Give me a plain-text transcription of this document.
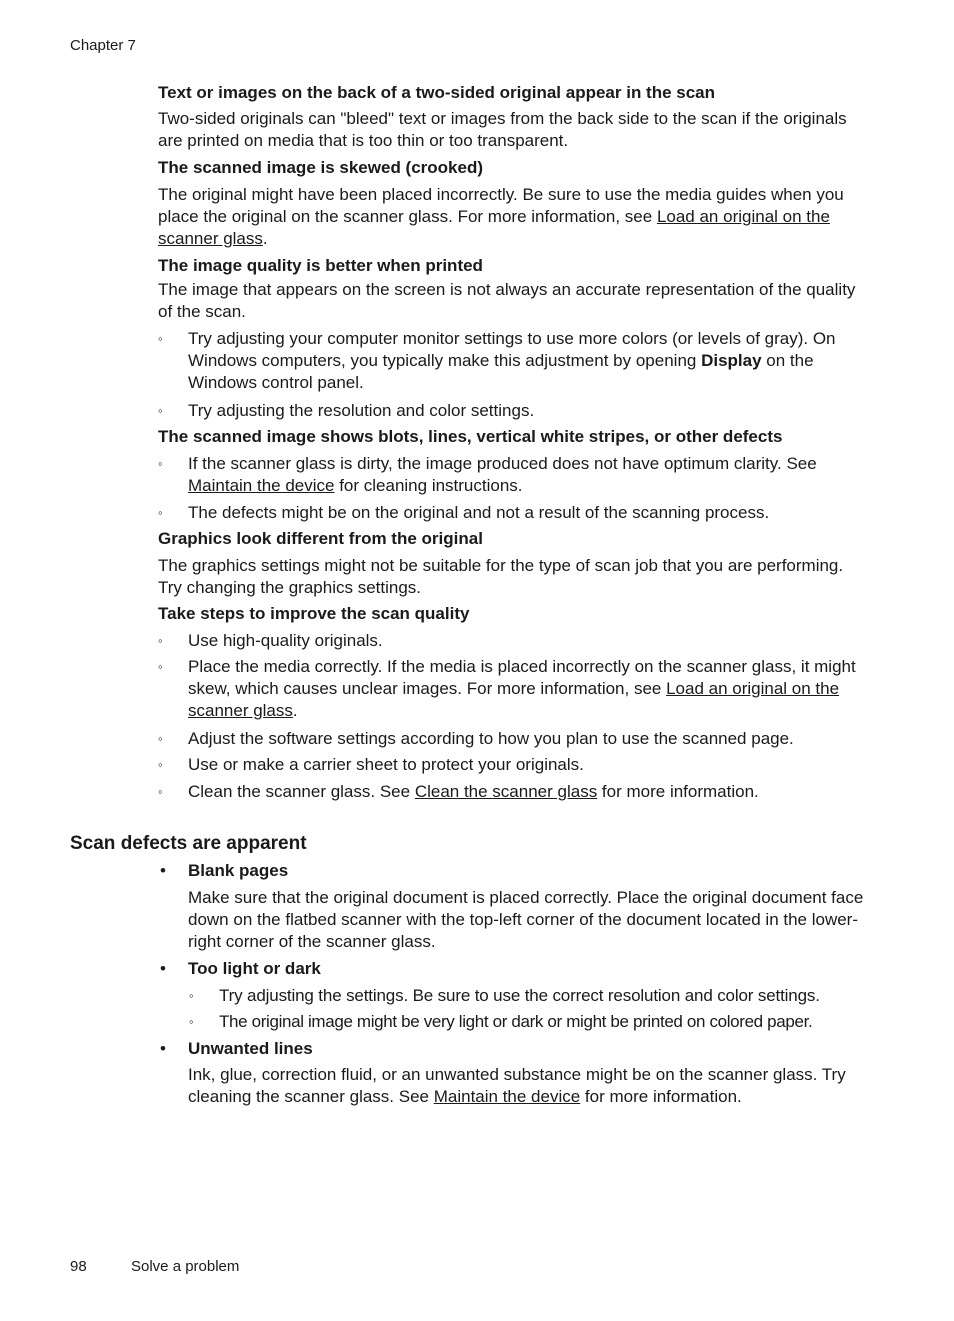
Chapter 7
Text or images on the back of a two-sided original appear in the scan
Two-sided originals can "bleed" text or images from the back side to the scan if the originals are printed on media that is too thin or too transparent.
The scanned image is skewed (crooked)
The original might have been placed incorrectly. Be sure to use the media guides when you place the original on the scanner glass. For more information, see Load an original on the scanner glass.
The image quality is better when printed
The image that appears on the screen is not always an accurate representation of the quality of the scan.
◦ Try adjusting your computer monitor settings to use more colors (or levels of gray). On Windows computers, you typically make this adjustment by opening Display on the Windows control panel.
◦ Try adjusting the resolution and color settings.
The scanned image shows blots, lines, vertical white stripes, or other defects
◦ If the scanner glass is dirty, the image produced does not have optimum clarity. See Maintain the device for cleaning instructions.
◦ The defects might be on the original and not a result of the scanning process.
Graphics look different from the original
The graphics settings might not be suitable for the type of scan job that you are performing. Try changing the graphics settings.
Take steps to improve the scan quality
◦ Use high-quality originals.
◦ Place the media correctly. If the media is placed incorrectly on the scanner glass, it might skew, which causes unclear images. For more information, see Load an original on the scanner glass.
◦ Adjust the software settings according to how you plan to use the scanned page.
◦ Use or make a carrier sheet to protect your originals.
◦ Clean the scanner glass. See Clean the scanner glass for more information.
Scan defects are apparent
• Blank pages
Make sure that the original document is placed correctly. Place the original document face down on the flatbed scanner with the top-left corner of the document located in the lower-right corner of the scanner glass.
• Too light or dark
◦ Try adjusting the settings. Be sure to use the correct resolution and color settings.
◦ The original image might be very light or dark or might be printed on colored paper.
• Unwanted lines
Ink, glue, correction fluid, or an unwanted substance might be on the scanner glass. Try cleaning the scanner glass. See Maintain the device for more information.
98	Solve a problem
